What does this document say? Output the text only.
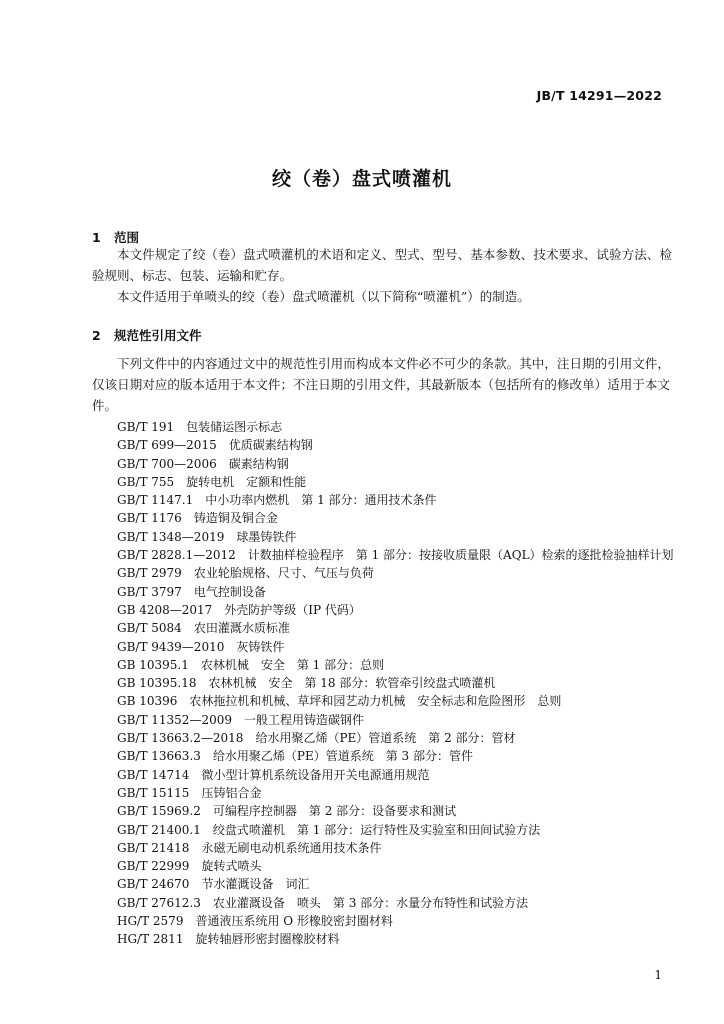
JB/T 14291—2022
绞（卷）盘式喷灌机
1 范围

本文件规定了绞（卷）盘式喷灌机的术语和定义、型式、型号、基本参数、技术要求、试验方法、检验规则、标志、包装、运输和贮存。

本文件适用于单喷头的绞（卷）盘式喷灌机（以下简称“喷灌机”）的制造。

2 规范性引用文件

下列文件中的内容通过文中的规范性引用而构成本文件必不可少的条款。其中，注日期的引用文件，仅该日期对应的版本适用于本文件；不注日期的引用文件，其最新版本（包括所有的修改单）适用于本文件。

GB/T 191 包装储运图示标志
GB/T 699—2015 优质碳素结构钢
GB/T 700—2006 碳素结构钢
GB/T 755 旋转电机　定额和性能
GB/T 1147.1 中小功率内燃机　第 1 部分：通用技术条件
GB/T 1176 铸造铜及铜合金
GB/T 1348—2019 球墨铸铁件
GB/T 2828.1—2012 计数抽样检验程序　第 1 部分：按接收质量限（AQL）检索的逐批检验抽样计划
GB/T 2979 农业轮胎规格、尺寸、气压与负荷
GB/T 3797 电气控制设备
GB 4208—2017 外壳防护等级（IP 代码）
GB/T 5084 农田灌溉水质标准
GB/T 9439—2010 灰铸铁件
GB 10395.1 农林机械　安全　第 1 部分：总则
GB 10395.18 农林机械　安全　第 18 部分：软管牵引绞盘式喷灌机
GB 10396 农林拖拉机和机械、草坪和园艺动力机械　安全标志和危险图形　总则
GB/T 11352—2009 一般工程用铸造碳钢件
GB/T 13663.2—2018 给水用聚乙烯（PE）管道系统　第 2 部分：管材
GB/T 13663.3 给水用聚乙烯（PE）管道系统　第 3 部分：管件
GB/T 14714 微小型计算机系统设备用开关电源通用规范
GB/T 15115 压铸铝合金
GB/T 15969.2 可编程序控制器　第 2 部分：设备要求和测试
GB/T 21400.1 绞盘式喷灌机　第 1 部分：运行特性及实验室和田间试验方法
GB/T 21418 永磁无刷电动机系统通用技术条件
GB/T 22999 旋转式喷头
GB/T 24670 节水灌溉设备　词汇
GB/T 27612.3 农业灌溉设备　喷头　第 3 部分：水量分布特性和试验方法
HG/T 2579 普通液压系统用 O 形橡胶密封圈材料
HG/T 2811 旋转轴唇形密封圈橡胶材料
1
